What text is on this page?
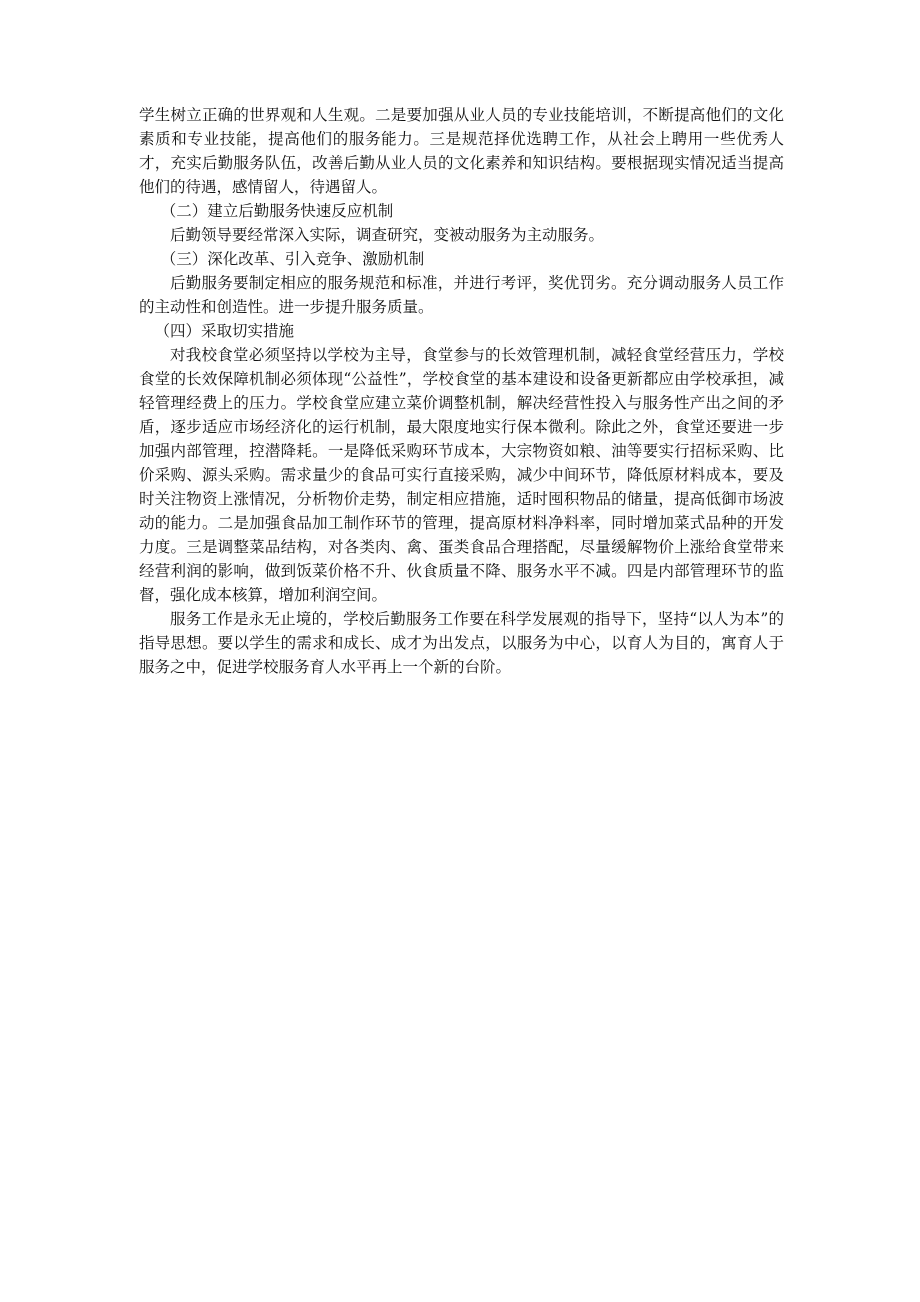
学生树立正确的世界观和人生观。二是要加强从业人员的专业技能培训，不断提高他们的文化素质和专业技能，提高他们的服务能力。三是规范择优选聘工作，从社会上聘用一些优秀人才，充实后勤服务队伍，改善后勤从业人员的文化素养和知识结构。要根据现实情况适当提高他们的待遇，感情留人，待遇留人。

（二）建立后勤服务快速反应机制

后勤领导要经常深入实际，调查研究，变被动服务为主动服务。

（三）深化改革、引入竞争、激励机制

后勤服务要制定相应的服务规范和标准，并进行考评，奖优罚劣。充分调动服务人员工作的主动性和创造性。进一步提升服务质量。

（四）采取切实措施

对我校食堂必须坚持以学校为主导，食堂参与的长效管理机制，减轻食堂经营压力，学校食堂的长效保障机制必须体现“公益性”，学校食堂的基本建设和设备更新都应由学校承担，减轻管理经费上的压力。学校食堂应建立菜价调整机制，解决经营性投入与服务性产出之间的矛盾，逐步适应市场经济化的运行机制，最大限度地实行保本微利。除此之外，食堂还要进一步加强内部管理，控潜降耗。一是降低采购环节成本，大宗物资如粮、油等要实行招标采购、比价采购、源头采购。需求量少的食品可实行直接采购，减少中间环节，降低原材料成本，要及时关注物资上涨情况，分析物价走势，制定相应措施，适时囤积物品的储量，提高低御市场波动的能力。二是加强食品加工制作环节的管理，提高原材料净料率，同时增加菜式品种的开发力度。三是调整菜品结构，对各类肉、禽、蛋类食品合理搭配，尽量缓解物价上涨给食堂带来经营利润的影响，做到饭菜价格不升、伙食质量不降、服务水平不减。四是内部管理环节的监督，强化成本核算，增加利润空间。

服务工作是永无止境的，学校后勤服务工作要在科学发展观的指导下，坚持“以人为本”的指导思想。要以学生的需求和成长、成才为出发点，以服务为中心，以育人为目的，寓育人于服务之中，促进学校服务育人水平再上一个新的台阶。
